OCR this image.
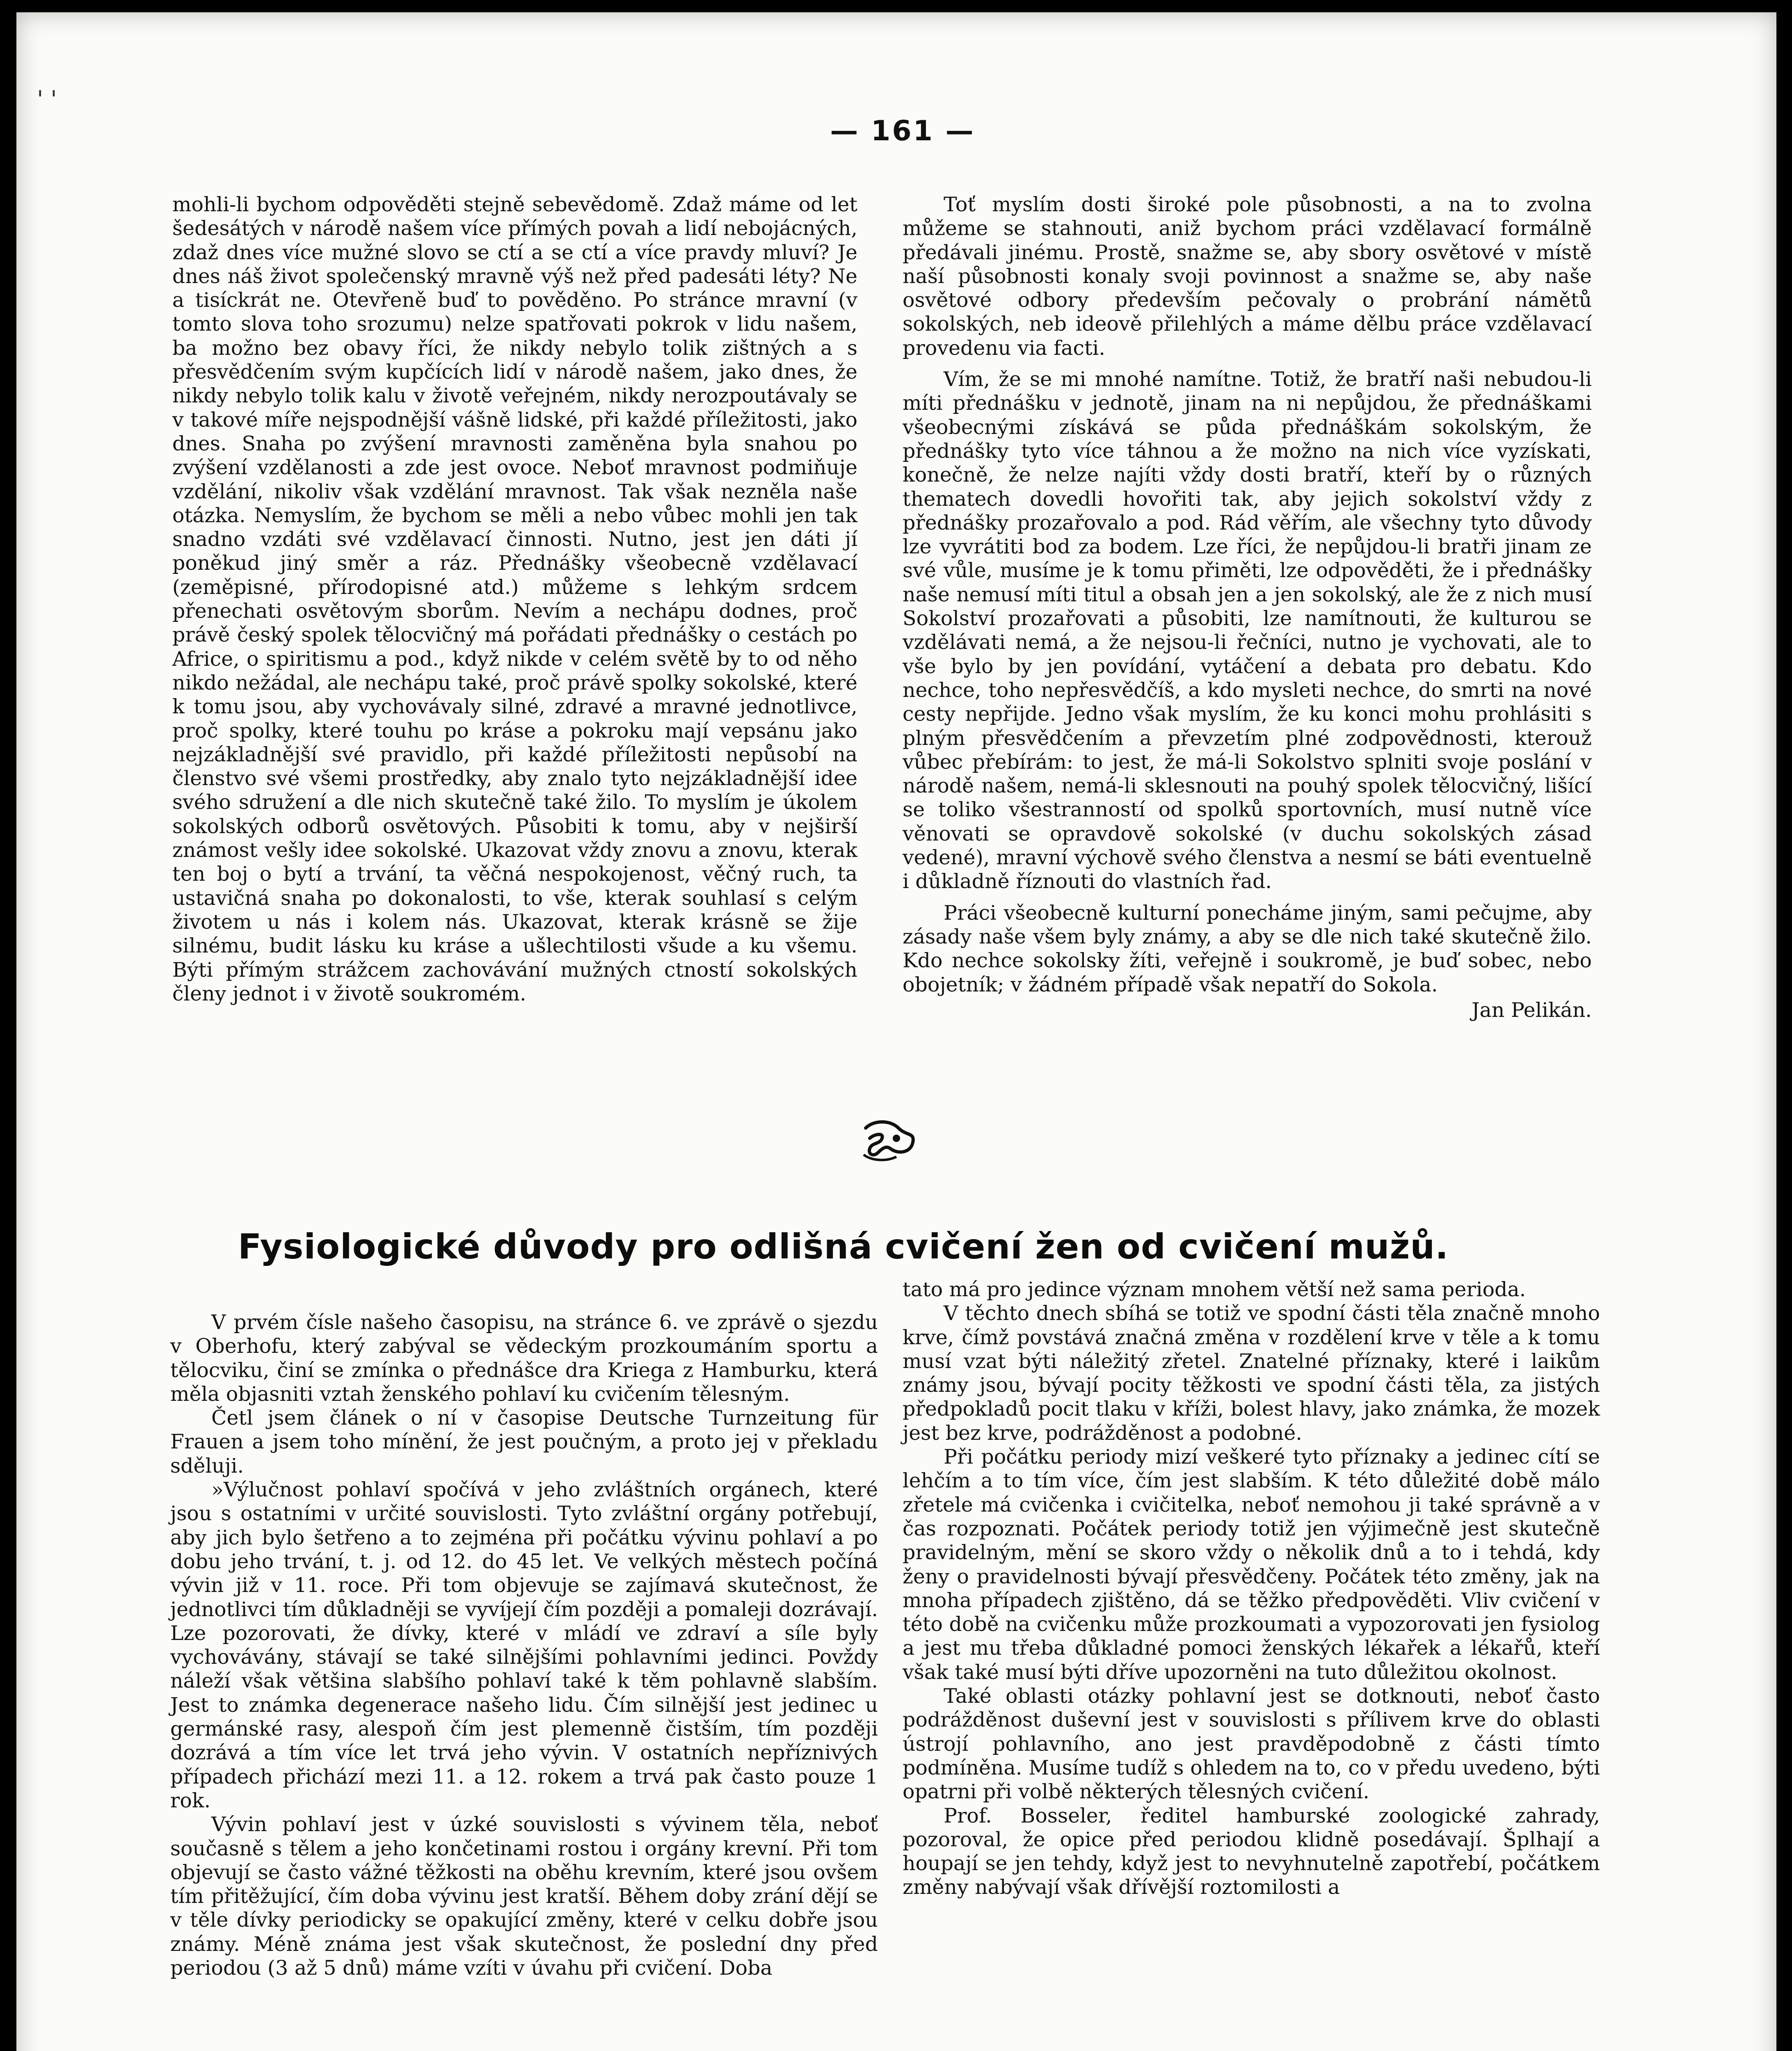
' '
— 161 —

mohli-li bychom odpověděti stejně sebevědomě. Zdaž máme od let šedesátých v národě našem více přímých povah a lidí nebojácných, zdaž dnes více mužné slovo se ctí a se ctí a více pravdy mluví? Je dnes náš život společenský mravně výš než před padesáti léty? Ne a tisíckrát ne. Otevřeně buď to pověděno. Po stránce mravní (v tomto slova toho srozumu) nelze spatřovati pokrok v lidu našem, ba možno bez obavy říci, že nikdy nebylo tolik zištných a s přesvědčením svým kupčících lidí v národě našem, jako dnes, že nikdy nebylo tolik kalu v životě veřejném, nikdy nerozpoutávaly se v takové míře nejspodnější vášně lidské, při každé příležitosti, jako dnes. Snaha po zvýšení mravnosti zaměněna byla snahou po zvýšení vzdělanosti a zde jest ovoce. Neboť mravnost podmiňuje vzdělání, nikoliv však vzdělání mravnost. Tak však nezněla naše otázka. Nemyslím, že bychom se měli a nebo vůbec mohli jen tak snadno vzdáti své vzdělavací činnosti. Nutno, jest jen dáti jí poněkud jiný směr a ráz. Přednášky všeobecně vzdělavací (zeměpisné, přírodopisné atd.) můžeme s lehkým srdcem přenechati osvětovým sborům. Nevím a nechápu dodnes, proč právě český spolek tělocvičný má pořádati přednášky o cestách po Africe, o spiritismu a pod., když nikde v celém světě by to od něho nikdo nežádal, ale nechápu také, proč právě spolky sokolské, které k tomu jsou, aby vychovávaly silné, zdravé a mravné jednotlivce, proč spolky, které touhu po kráse a pokroku mají vepsánu jako nejzákladnější své pravidlo, při každé příležitosti nepůsobí na členstvo své všemi prostředky, aby znalo tyto nejzákladnější idee svého sdružení a dle nich skutečně také žilo. To myslím je úkolem sokolských odborů osvětových. Působiti k tomu, aby v nejširší známost vešly idee sokolské. Ukazovat vždy znovu a znovu, kterak ten boj o bytí a trvání, ta věčná nespokojenost, věčný ruch, ta ustavičná snaha po dokonalosti, to vše, kterak souhlasí s celým životem u nás i kolem nás. Ukazovat, kterak krásně se žije silnému, budit lásku ku kráse a ušlechtilosti všude a ku všemu. Býti přímým strážcem zachovávání mužných ctností sokolských členy jednot i v životě soukromém.

Toť myslím dosti široké pole působnosti, a na to zvolna můžeme se stahnouti, aniž bychom práci vzdělavací formálně předávali jinému. Prostě, snažme se, aby sbory osvětové v místě naší působnosti konaly svoji povinnost a snažme se, aby naše osvětové odbory především pečovaly o probrání námětů sokolských, neb ideově přilehlých a máme dělbu práce vzdělavací provedenu via facti.

Vím, že se mi mnohé namítne. Totiž, že bratří naši nebudou-li míti přednášku v jednotě, jinam na ni nepůjdou, že přednáškami všeobecnými získává se půda přednáškám sokolským, že přednášky tyto více táhnou a že možno na nich více vyzískati, konečně, že nelze najíti vždy dosti bratří, kteří by o různých thematech dovedli hovořiti tak, aby jejich sokolství vždy z přednášky prozařovalo a pod. Rád věřím, ale všechny tyto důvody lze vyvrátiti bod za bodem. Lze říci, že nepůjdou-li bratři jinam ze své vůle, musíme je k tomu přiměti, lze odpověděti, že i přednášky naše nemusí míti titul a obsah jen a jen sokolský, ale že z nich musí Sokolství prozařovati a působiti, lze namítnouti, že kulturou se vzdělávati nemá, a že nejsou-li řečníci, nutno je vychovati, ale to vše bylo by jen povídání, vytáčení a debata pro debatu. Kdo nechce, toho nepřesvědčíš, a kdo mysleti nechce, do smrti na nové cesty nepřijde. Jedno však myslím, že ku konci mohu prohlásiti s plným přesvědčením a převzetím plné zodpovědnosti, kterouž vůbec přebírám: to jest, že má-li Sokolstvo splniti svoje poslání v národě našem, nemá-li sklesnouti na pouhý spolek tělocvičný, lišící se toliko všestranností od spolků sportovních, musí nutně více věnovati se opravdově sokolské (v duchu sokolských zásad vedené), mravní výchově svého členstva a nesmí se báti eventuelně i důkladně říznouti do vlastních řad.

Práci všeobecně kulturní ponecháme jiným, sami pečujme, aby zásady naše všem byly známy, a aby se dle nich také skutečně žilo. Kdo nechce sokolsky žíti, veřejně i soukromě, je buď sobec, nebo obojetník; v žádném případě však nepatří do Sokola.

Jan Pelikán.

Fysiologické důvody pro odlišná cvičení žen od cvičení mužů.

V prvém čísle našeho časopisu, na stránce 6. ve zprávě o sjezdu v Oberhofu, který zabýval se vědeckým prozkoumáním sportu a tělocviku, činí se zmínka o přednášce dra Kriega z Hamburku, která měla objasniti vztah ženského pohlaví ku cvičením tělesným.

Četl jsem článek o ní v časopise Deutsche Turnzeitung für Frauen a jsem toho mínění, že jest poučným, a proto jej v překladu sděluji.

»Výlučnost pohlaví spočívá v jeho zvláštních orgánech, které jsou s ostatními v určité souvislosti. Tyto zvláštní orgány potřebují, aby jich bylo šetřeno a to zejména při počátku vývinu pohlaví a po dobu jeho trvání, t. j. od 12. do 45 let. Ve velkých městech počíná vývin již v 11. roce. Při tom objevuje se zajímavá skutečnost, že jednotlivci tím důkladněji se vyvíjejí čím později a pomaleji dozrávají. Lze pozorovati, že dívky, které v mládí ve zdraví a síle byly vychovávány, stávají se také silnějšími pohlavními jedinci. Povždy náleží však většina slabšího pohlaví také k těm pohlavně slabším. Jest to známka degenerace našeho lidu. Čím silnější jest jedinec u germánské rasy, alespoň čím jest plemenně čistším, tím později dozrává a tím více let trvá jeho vývin. V ostatních nepříznivých případech přichází mezi 11. a 12. rokem a trvá pak často pouze 1 rok.

Vývin pohlaví jest v úzké souvislosti s vývinem těla, neboť současně s tělem a jeho končetinami rostou i orgány krevní. Při tom objevují se často vážné těžkosti na oběhu krevním, které jsou ovšem tím přitěžující, čím doba vývinu jest kratší. Během doby zrání dějí se v těle dívky periodicky se opakující změny, které v celku dobře jsou známy. Méně známa jest však skutečnost, že poslední dny před periodou (3 až 5 dnů) máme vzíti v úvahu při cvičení. Doba

tato má pro jedince význam mnohem větší než sama perioda.

V těchto dnech sbíhá se totiž ve spodní části těla značně mnoho krve, čímž povstává značná změna v rozdělení krve v těle a k tomu musí vzat býti náležitý zřetel. Znatelné příznaky, které i laikům známy jsou, bývají pocity těžkosti ve spodní části těla, za jistých předpokladů pocit tlaku v kříži, bolest hlavy, jako známka, že mozek jest bez krve, podrážděnost a podobné.

Při počátku periody mizí veškeré tyto příznaky a jedinec cítí se lehčím a to tím více, čím jest slabším. K této důležité době málo zřetele má cvičenka i cvičitelka, neboť nemohou ji také správně a v čas rozpoznati. Počátek periody totiž jen výjimečně jest skutečně pravidelným, mění se skoro vždy o několik dnů a to i tehdá, kdy ženy o pravidelnosti bývají přesvědčeny. Počátek této změny, jak na mnoha případech zjištěno, dá se těžko předpověděti. Vliv cvičení v této době na cvičenku může prozkoumati a vypozorovati jen fysiolog a jest mu třeba důkladné pomoci ženských lékařek a lékařů, kteří však také musí býti dříve upozorněni na tuto důležitou okolnost.

Také oblasti otázky pohlavní jest se dotknouti, neboť často podrážděnost duševní jest v souvislosti s přílivem krve do oblasti ústrojí pohlavního, ano jest pravděpodobně z části tímto podmíněna. Musíme tudíž s ohledem na to, co v předu uvedeno, býti opatrni při volbě některých tělesných cvičení.

Prof. Bosseler, ředitel hamburské zoologické zahrady, pozoroval, že opice před periodou klidně posedávají. Šplhají a houpají se jen tehdy, když jest to nevyhnutelně zapotřebí, počátkem změny nabývají však dřívější roztomilosti a
